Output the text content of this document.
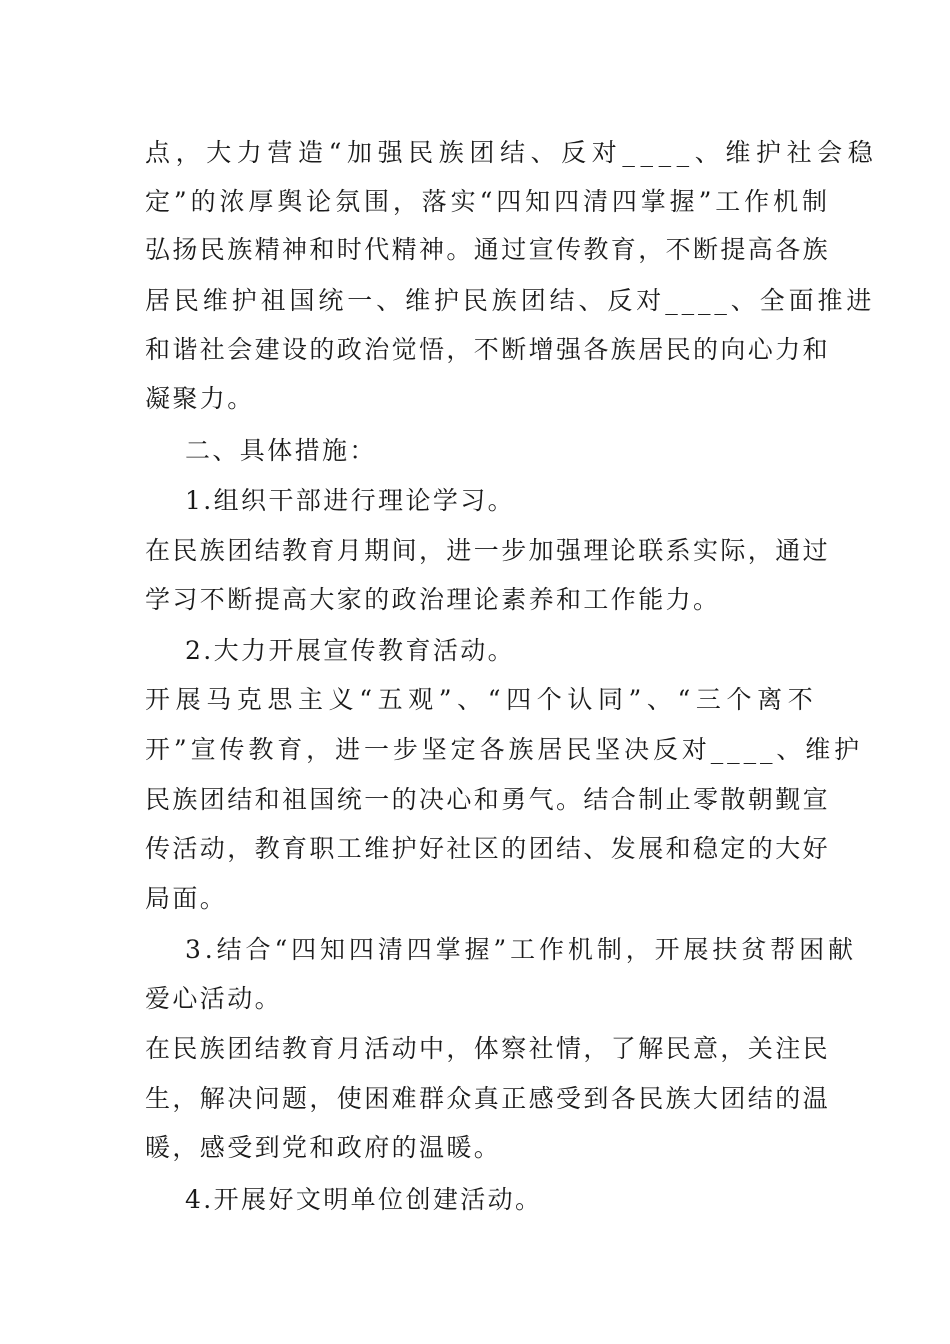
点，大力营造“加强民族团结、反对____、维护社会稳
定”的浓厚舆论氛围，落实“四知四清四掌握”工作机制
弘扬民族精神和时代精神。通过宣传教育，不断提高各族
居民维护祖国统一、维护民族团结、反对____、全面推进
和谐社会建设的政治觉悟，不断增强各族居民的向心力和
凝聚力。
二、具体措施：
1.组织干部进行理论学习。
在民族团结教育月期间，进一步加强理论联系实际，通过
学习不断提高大家的政治理论素养和工作能力。
2.大力开展宣传教育活动。
开展马克思主义“五观”、“四个认同”、“三个离不
开”宣传教育，进一步坚定各族居民坚决反对____、维护
民族团结和祖国统一的决心和勇气。结合制止零散朝觐宣
传活动，教育职工维护好社区的团结、发展和稳定的大好
局面。
3.结合“四知四清四掌握”工作机制，开展扶贫帮困献
爱心活动。
在民族团结教育月活动中，体察社情，了解民意，关注民
生，解决问题，使困难群众真正感受到各民族大团结的温
暖，感受到党和政府的温暖。
4.开展好文明单位创建活动。
